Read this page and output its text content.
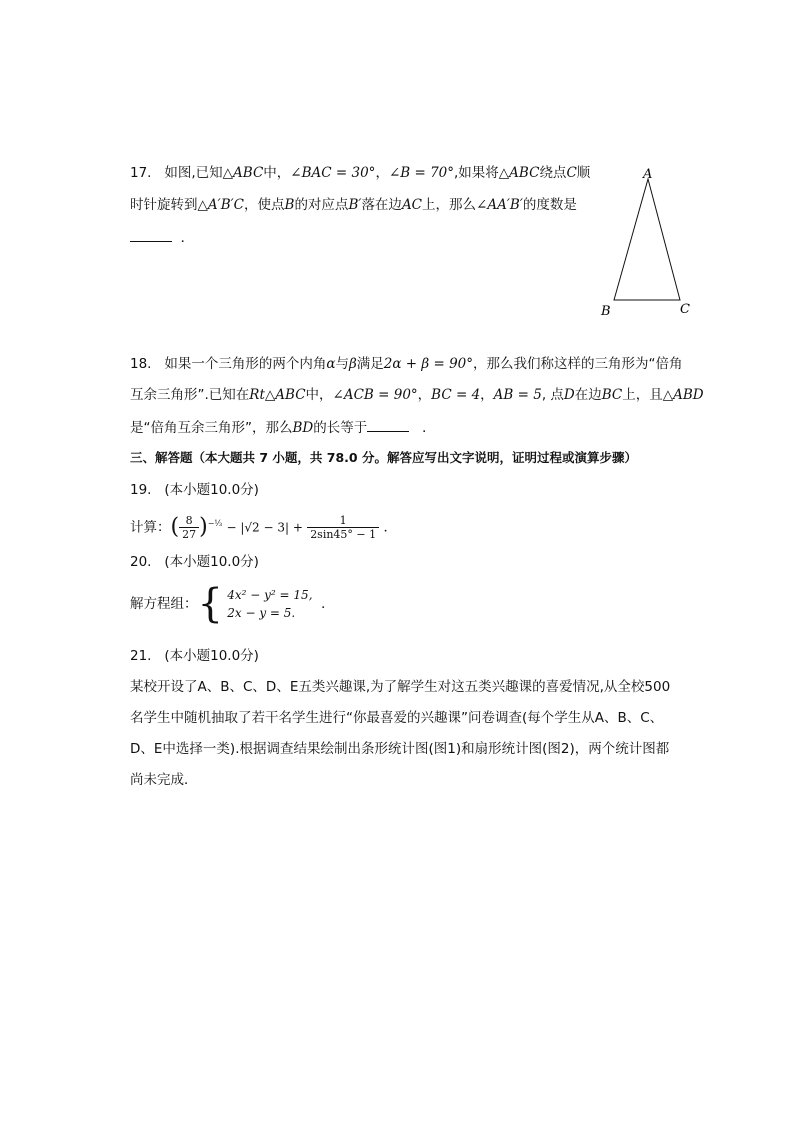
17. 如图,已知△ABC中，∠BAC = 30°，∠B = 70°,如果将△ABC绕点C顺
时针旋转到△A′B′C，使点B的对应点B′落在边AC上，那么∠AA′B′的度数是
．
A
B	C
18. 如果一个三角形的两个内角α与β满足2α + β = 90°，那么我们称这样的三角形为“倍角
互余三角形”.已知在Rt△ABC中，∠ACB = 90°，BC = 4，AB = 5, 点D在边BC上，且△ABD
是“倍角互余三角形”，那么BD的长等于	．
三、解答题（本大题共 7 小题，共 78.0 分。解答应写出文字说明，证明过程或演算步骤）
19. (本小题10.0分)
计算：( $\frac{8}{27} )^{-\frac{1}{3}} - |√2 - 3| + \frac{1}{2\sin 45^\circ - 1}$ ．
20. (本小题10.0分)
解方程组：{ 4x² − y² = 15,
2x − y = 5.
．
21. (本小题10.0分)
某校开设了A、B、C、D、E五类兴趣课,为了解学生对这五类兴趣课的喜爱情况,从全校500
名学生中随机抽取了若干名学生进行“你最喜爱的兴趣课”问卷调查(每个学生从A、B、C、
D、E中选择一类).根据调查结果绘制出条形统计图(图1)和扇形统计图(图2)，两个统计图都
尚未完成．
